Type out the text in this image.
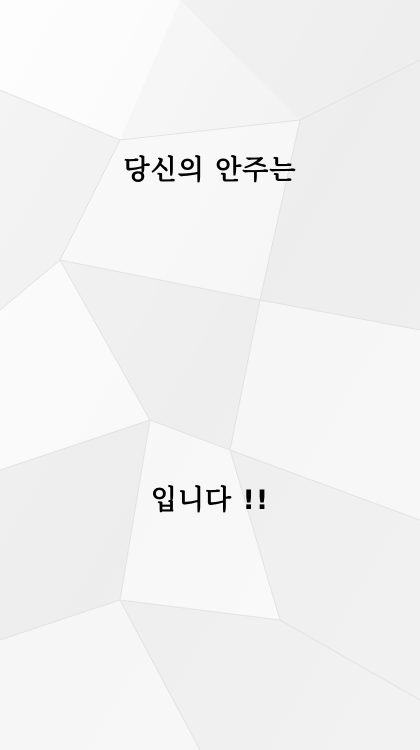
당신의 안주는
입니다 !!
